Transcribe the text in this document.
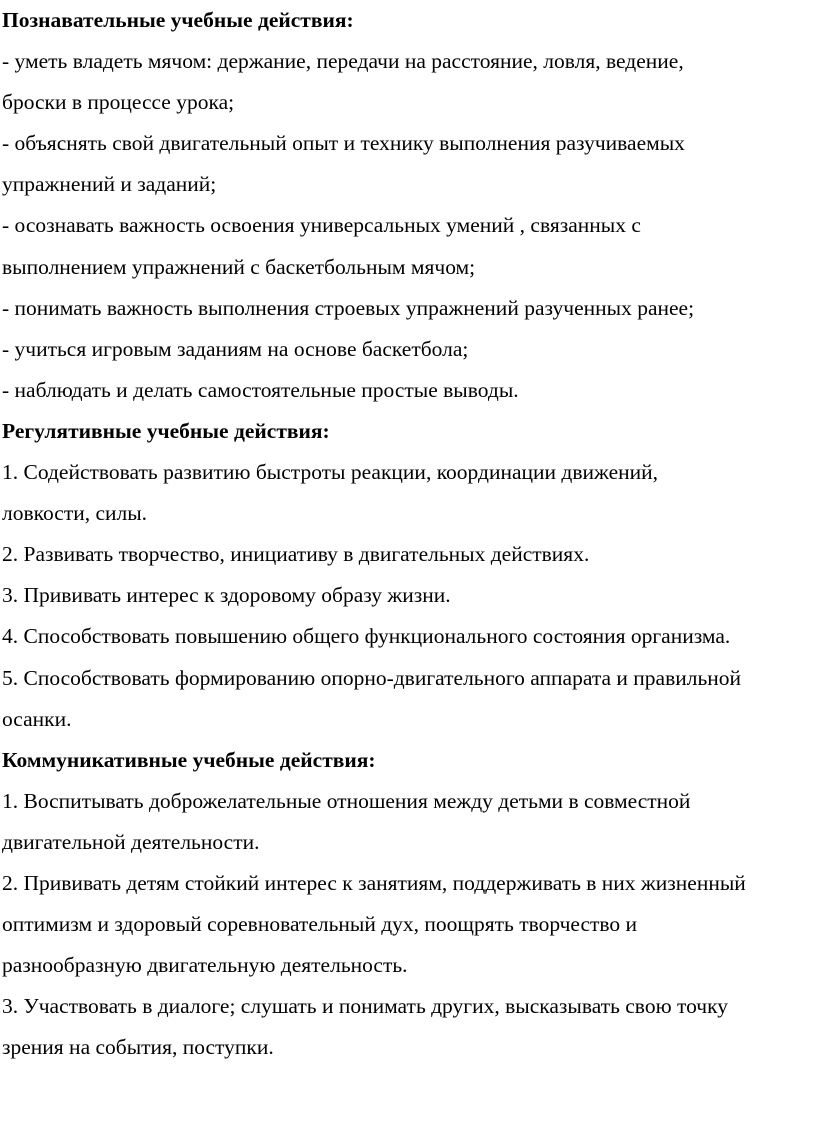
Познавательные учебные действия:

- уметь владеть мячом: держание, передачи на расстояние, ловля, ведение,

броски в процессе урока;

- объяснять свой двигательный опыт и технику выполнения разучиваемых

упражнений и заданий;

- осознавать важность освоения универсальных умений , связанных с

выполнением упражнений с баскетбольным мячом;

- понимать важность выполнения строевых упражнений разученных ранее;

- учиться игровым заданиям на основе баскетбола;

- наблюдать и делать самостоятельные простые выводы.

Регулятивные учебные действия:

1. Содействовать развитию быстроты реакции, координации движений,

ловкости, силы.

2. Развивать творчество, инициативу в двигательных действиях.

3. Прививать интерес к здоровому образу жизни.

4. Способствовать повышению общего функционального состояния организма.

5. Способствовать формированию опорно-двигательного аппарата и правильной

осанки.

Коммуникативные учебные действия:

1. Воспитывать доброжелательные отношения между детьми в совместной

двигательной деятельности.

2. Прививать детям стойкий интерес к занятиям, поддерживать в них жизненный

оптимизм и здоровый соревновательный дух, поощрять творчество и

разнообразную двигательную деятельность.

3. Участвовать в диалоге; слушать и понимать других, высказывать свою точку

зрения на события, поступки.
